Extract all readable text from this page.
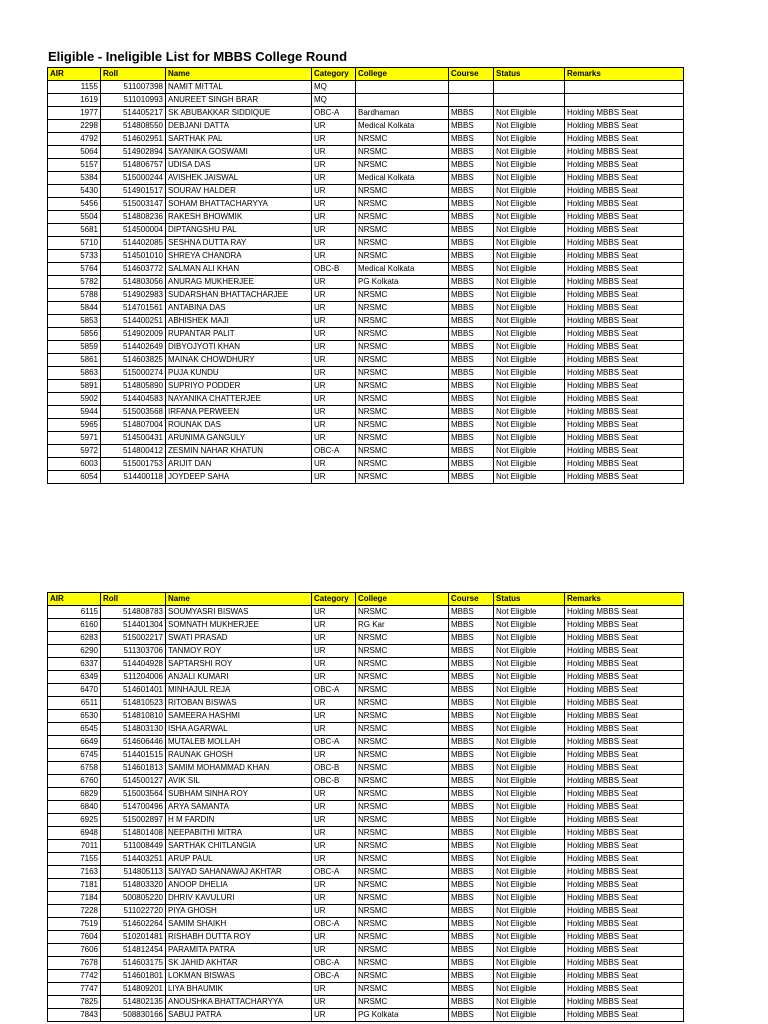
Eligible - Ineligible List for MBBS College Round
AIR	Roll	Name	Category	College	Course	Status	Remarks
1155	511007398	NAMIT MITTAL	MQ				
1619	511010993	ANUREET SINGH BRAR	MQ				
1977	514405217	SK ABUBAKKAR SIDDIQUE	OBC-A	Bardhaman	MBBS	Not Eligible	Holding MBBS Seat
2298	514808550	DEBJANI DATTA	UR	Medical Kolkata	MBBS	Not Eligible	Holding MBBS Seat
4792	514602951	SARTHAK PAL	UR	NRSMC	MBBS	Not Eligible	Holding MBBS Seat
5064	514902894	SAYANIKA GOSWAMI	UR	NRSMC	MBBS	Not Eligible	Holding MBBS Seat
5157	514806757	UDISA DAS	UR	NRSMC	MBBS	Not Eligible	Holding MBBS Seat
5384	515000244	AVISHEK JAISWAL	UR	Medical Kolkata	MBBS	Not Eligible	Holding MBBS Seat
5430	514901517	SOURAV HALDER	UR	NRSMC	MBBS	Not Eligible	Holding MBBS Seat
5456	515003147	SOHAM BHATTACHARYYA	UR	NRSMC	MBBS	Not Eligible	Holding MBBS Seat
5504	514808236	RAKESH BHOWMIK	UR	NRSMC	MBBS	Not Eligible	Holding MBBS Seat
5681	514500004	DIPTANGSHU PAL	UR	NRSMC	MBBS	Not Eligible	Holding MBBS Seat
5710	514402085	SESHNA DUTTA RAY	UR	NRSMC	MBBS	Not Eligible	Holding MBBS Seat
5733	514501010	SHREYA CHANDRA	UR	NRSMC	MBBS	Not Eligible	Holding MBBS Seat
5764	514603772	SALMAN ALI KHAN	OBC-B	Medical Kolkata	MBBS	Not Eligible	Holding MBBS Seat
5782	514803056	ANURAG MUKHERJEE	UR	PG Kolkata	MBBS	Not Eligible	Holding MBBS Seat
5788	514902983	SUDARSHAN BHATTACHARJEE	UR	NRSMC	MBBS	Not Eligible	Holding MBBS Seat
5844	514701561	ANTABINA DAS	UR	NRSMC	MBBS	Not Eligible	Holding MBBS Seat
5853	514400251	ABHISHEK MAJI	UR	NRSMC	MBBS	Not Eligible	Holding MBBS Seat
5856	514902009	RUPANTAR PALIT	UR	NRSMC	MBBS	Not Eligible	Holding MBBS Seat
5859	514402649	DIBYOJYOTI KHAN	UR	NRSMC	MBBS	Not Eligible	Holding MBBS Seat
5861	514603825	MAINAK CHOWDHURY	UR	NRSMC	MBBS	Not Eligible	Holding MBBS Seat
5863	515000274	PUJA KUNDU	UR	NRSMC	MBBS	Not Eligible	Holding MBBS Seat
5891	514805890	SUPRIYO PODDER	UR	NRSMC	MBBS	Not Eligible	Holding MBBS Seat
5902	514404583	NAYANIKA CHATTERJEE	UR	NRSMC	MBBS	Not Eligible	Holding MBBS Seat
5944	515003568	IRFANA PERWEEN	UR	NRSMC	MBBS	Not Eligible	Holding MBBS Seat
5965	514807004	ROUNAK DAS	UR	NRSMC	MBBS	Not Eligible	Holding MBBS Seat
5971	514500431	ARUNIMA GANGULY	UR	NRSMC	MBBS	Not Eligible	Holding MBBS Seat
5972	514800412	ZESMIN NAHAR KHATUN	OBC-A	NRSMC	MBBS	Not Eligible	Holding MBBS Seat
6003	515001753	ARIJIT DAN	UR	NRSMC	MBBS	Not Eligible	Holding MBBS Seat
6054	514400118	JOYDEEP SAHA	UR	NRSMC	MBBS	Not Eligible	Holding MBBS Seat
AIR	Roll	Name	Category	College	Course	Status	Remarks
6115	514808783	SOUMYASRI BISWAS	UR	NRSMC	MBBS	Not Eligible	Holding MBBS Seat
6160	514401304	SOMNATH MUKHERJEE	UR	RG Kar	MBBS	Not Eligible	Holding MBBS Seat
6283	515002217	SWATI PRASAD	UR	NRSMC	MBBS	Not Eligible	Holding MBBS Seat
6290	511303706	TANMOY ROY	UR	NRSMC	MBBS	Not Eligible	Holding MBBS Seat
6337	514404928	SAPTARSHI ROY	UR	NRSMC	MBBS	Not Eligible	Holding MBBS Seat
6349	511204006	ANJALI KUMARI	UR	NRSMC	MBBS	Not Eligible	Holding MBBS Seat
6470	514601401	MINHAJUL REJA	OBC-A	NRSMC	MBBS	Not Eligible	Holding MBBS Seat
6511	514810523	RITOBAN BISWAS	UR	NRSMC	MBBS	Not Eligible	Holding MBBS Seat
6530	514810810	SAMEERA HASHMI	UR	NRSMC	MBBS	Not Eligible	Holding MBBS Seat
6545	514803130	ISHA AGARWAL	UR	NRSMC	MBBS	Not Eligible	Holding MBBS Seat
6649	514606446	MUTALEB MOLLAH	OBC-A	NRSMC	MBBS	Not Eligible	Holding MBBS Seat
6745	514401515	RAUNAK GHOSH	UR	NRSMC	MBBS	Not Eligible	Holding MBBS Seat
6758	514601813	SAMIM MOHAMMAD KHAN	OBC-B	NRSMC	MBBS	Not Eligible	Holding MBBS Seat
6760	514500127	AVIK SIL	OBC-B	NRSMC	MBBS	Not Eligible	Holding MBBS Seat
6829	515003564	SUBHAM SINHA ROY	UR	NRSMC	MBBS	Not Eligible	Holding MBBS Seat
6840	514700496	ARYA SAMANTA	UR	NRSMC	MBBS	Not Eligible	Holding MBBS Seat
6925	515002897	H M FARDIN	UR	NRSMC	MBBS	Not Eligible	Holding MBBS Seat
6948	514801408	NEEPABITHI MITRA	UR	NRSMC	MBBS	Not Eligible	Holding MBBS Seat
7011	511008449	SARTHAK CHITLANGIA	UR	NRSMC	MBBS	Not Eligible	Holding MBBS Seat
7155	514403251	ARUP PAUL	UR	NRSMC	MBBS	Not Eligible	Holding MBBS Seat
7163	514805113	SAIYAD SAHANAWAJ AKHTAR	OBC-A	NRSMC	MBBS	Not Eligible	Holding MBBS Seat
7181	514803320	ANOOP DHELIA	UR	NRSMC	MBBS	Not Eligible	Holding MBBS Seat
7184	500805220	DHRIV KAVULURI	UR	NRSMC	MBBS	Not Eligible	Holding MBBS Seat
7228	511022720	PIYA GHOSH	UR	NRSMC	MBBS	Not Eligible	Holding MBBS Seat
7519	514602264	SAMIM SHAIKH	OBC-A	NRSMC	MBBS	Not Eligible	Holding MBBS Seat
7604	510201481	RISHABH DUTTA ROY	UR	NRSMC	MBBS	Not Eligible	Holding MBBS Seat
7606	514812454	PARAMITA PATRA	UR	NRSMC	MBBS	Not Eligible	Holding MBBS Seat
7678	514603175	SK JAHID AKHTAR	OBC-A	NRSMC	MBBS	Not Eligible	Holding MBBS Seat
7742	514601801	LOKMAN BISWAS	OBC-A	NRSMC	MBBS	Not Eligible	Holding MBBS Seat
7747	514809201	LIYA BHAUMIK	UR	NRSMC	MBBS	Not Eligible	Holding MBBS Seat
7825	514802135	ANOUSHKA BHATTACHARYYA	UR	NRSMC	MBBS	Not Eligible	Holding MBBS Seat
7843	508830166	SABUJ PATRA	UR	PG Kolkata	MBBS	Not Eligible	Holding MBBS Seat
